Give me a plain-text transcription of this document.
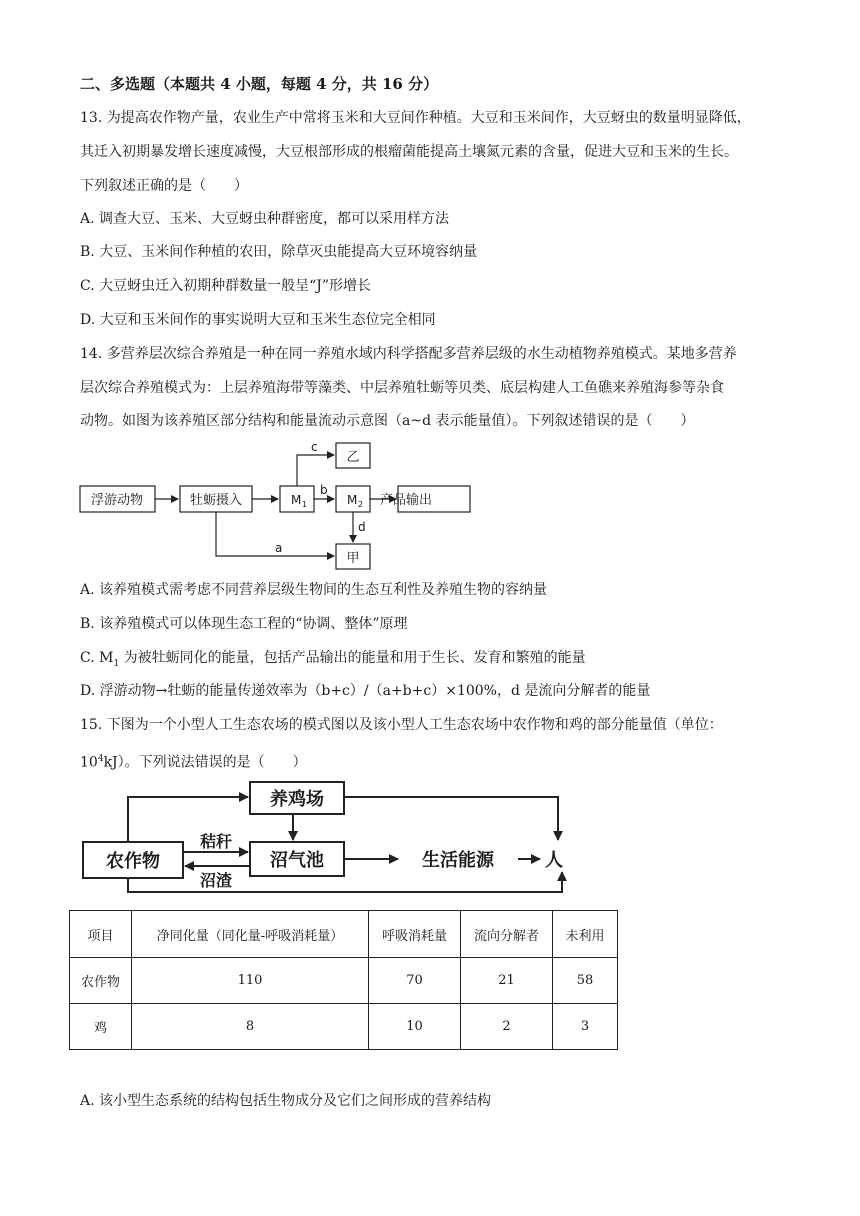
二、多选题（本题共 4 小题，每题 4 分，共 16 分）
13. 为提高农作物产量，农业生产中常将玉米和大豆间作种植。大豆和玉米间作，大豆蚜虫的数量明显降低，
其迁入初期暴发增长速度减慢，大豆根部形成的根瘤菌能提高土壤氮元素的含量，促进大豆和玉米的生长。
下列叙述正确的是（　　）
A. 调查大豆、玉米、大豆蚜虫种群密度，都可以采用样方法
B. 大豆、玉米间作种植的农田，除草灭虫能提高大豆环境容纳量
C. 大豆蚜虫迁入初期种群数量一般呈“J”形增长
D. 大豆和玉米间作的事实说明大豆和玉米生态位完全相同
14. 多营养层次综合养殖是一种在同一养殖水域内科学搭配多营养层级的水生动植物养殖模式。某地多营养
层次综合养殖模式为：上层养殖海带等藻类、中层养殖牡蛎等贝类、底层构建人工鱼礁来养殖海参等杂食
动物。如图为该养殖区部分结构和能量流动示意图（a~d 表示能量值）。下列叙述错误的是（　　）
浮游动物	牡蛎摄入	产品输出
乙
甲
M 1	M 2
c
b
d
a
A. 该养殖模式需考虑不同营养层级生物间的生态互利性及养殖生物的容纳量
B. 该养殖模式可以体现生态工程的“协调、整体”原理
C. $M_1$ 为被牡蛎同化的能量，包括产品输出的能量和用于生长、发育和繁殖的能量
D. 浮游动物→牡蛎的能量传递效率为（b+c）/（a+b+c）×100%，d 是流向分解者的能量
15. 下图为一个小型人工生态农场的模式图以及该小型人工生态农场中农作物和鸡的部分能量值（单位：
$10^4kJ$）。下列说法错误的是（　　）
农作物
养鸡场
沼气池	生活能源	人
秸秆
沼渣
项目	净同化量（同化量-呼吸消耗量）	呼吸消耗量	流向分解者	未利用
农作物	110	70	21	58
鸡	8	10	2	3
A. 该小型生态系统的结构包括生物成分及它们之间形成的营养结构
